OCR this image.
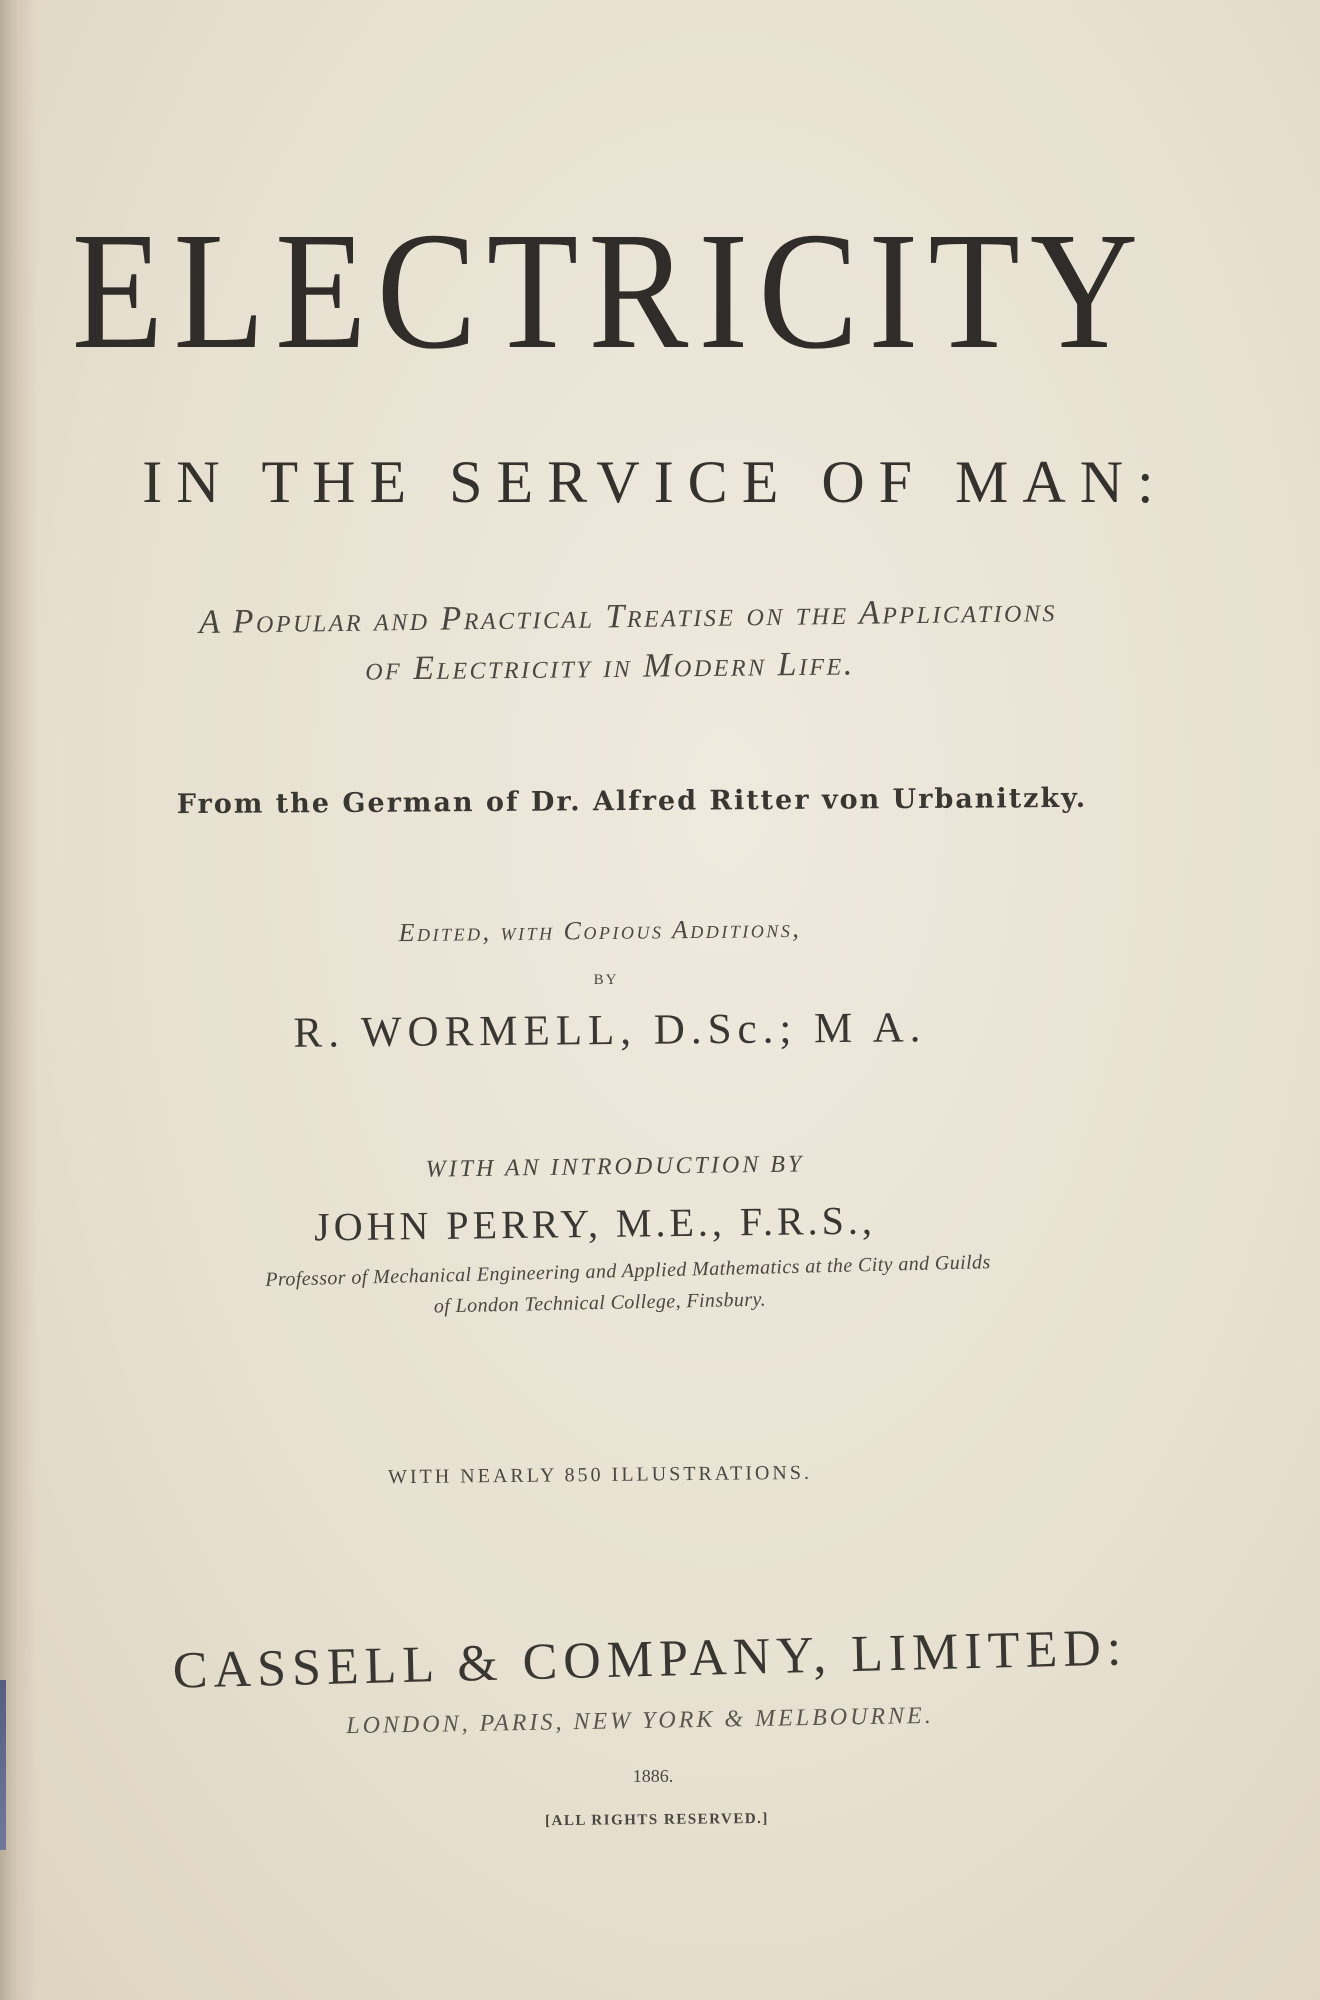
ELECTRICITY
IN THE SERVICE OF MAN:
A Popular and Practical Treatise on the Applications
of Electricity in Modern Life.
From the German of Dr. Alfred Ritter von Urbanitzky.
Edited, with Copious Additions,
BY
R. WORMELL, D.Sc.; M A.
WITH AN INTRODUCTION BY
JOHN PERRY, M.E., F.R.S.,
Professor of Mechanical Engineering and Applied Mathematics at the City and Guilds
of London Technical College, Finsbury.
WITH NEARLY 850 ILLUSTRATIONS.
CASSELL & COMPANY, LIMITED:
LONDON, PARIS, NEW YORK & MELBOURNE.
1886.
[ALL RIGHTS RESERVED.]
